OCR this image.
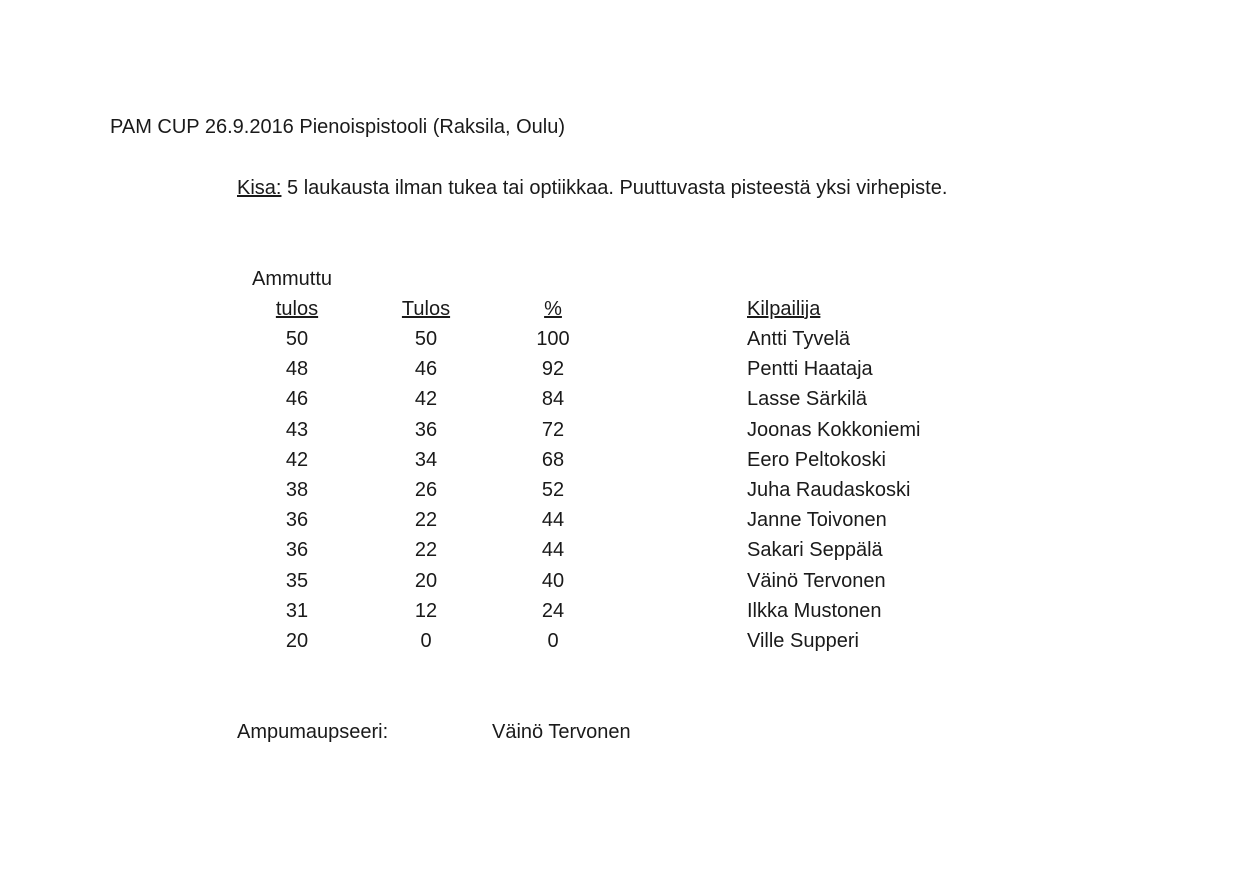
PAM CUP 26.9.2016 Pienoispistooli (Raksila, Oulu)
Kisa: 5 laukausta ilman tukea tai optiikkaa. Puuttuvasta pisteestä yksi virhepiste.
Ammuttu
tulos	Tulos	%	Kilpailija
50	50	100	Antti Tyvelä
48	46	92	Pentti Haataja
46	42	84	Lasse Särkilä
43	36	72	Joonas Kokkoniemi
42	34	68	Eero Peltokoski
38	26	52	Juha Raudaskoski
36	22	44	Janne Toivonen
36	22	44	Sakari Seppälä
35	20	40	Väinö Tervonen
31	12	24	Ilkka Mustonen
20	0	0	Ville Supperi
Ampumaupseeri:	Väinö Tervonen
